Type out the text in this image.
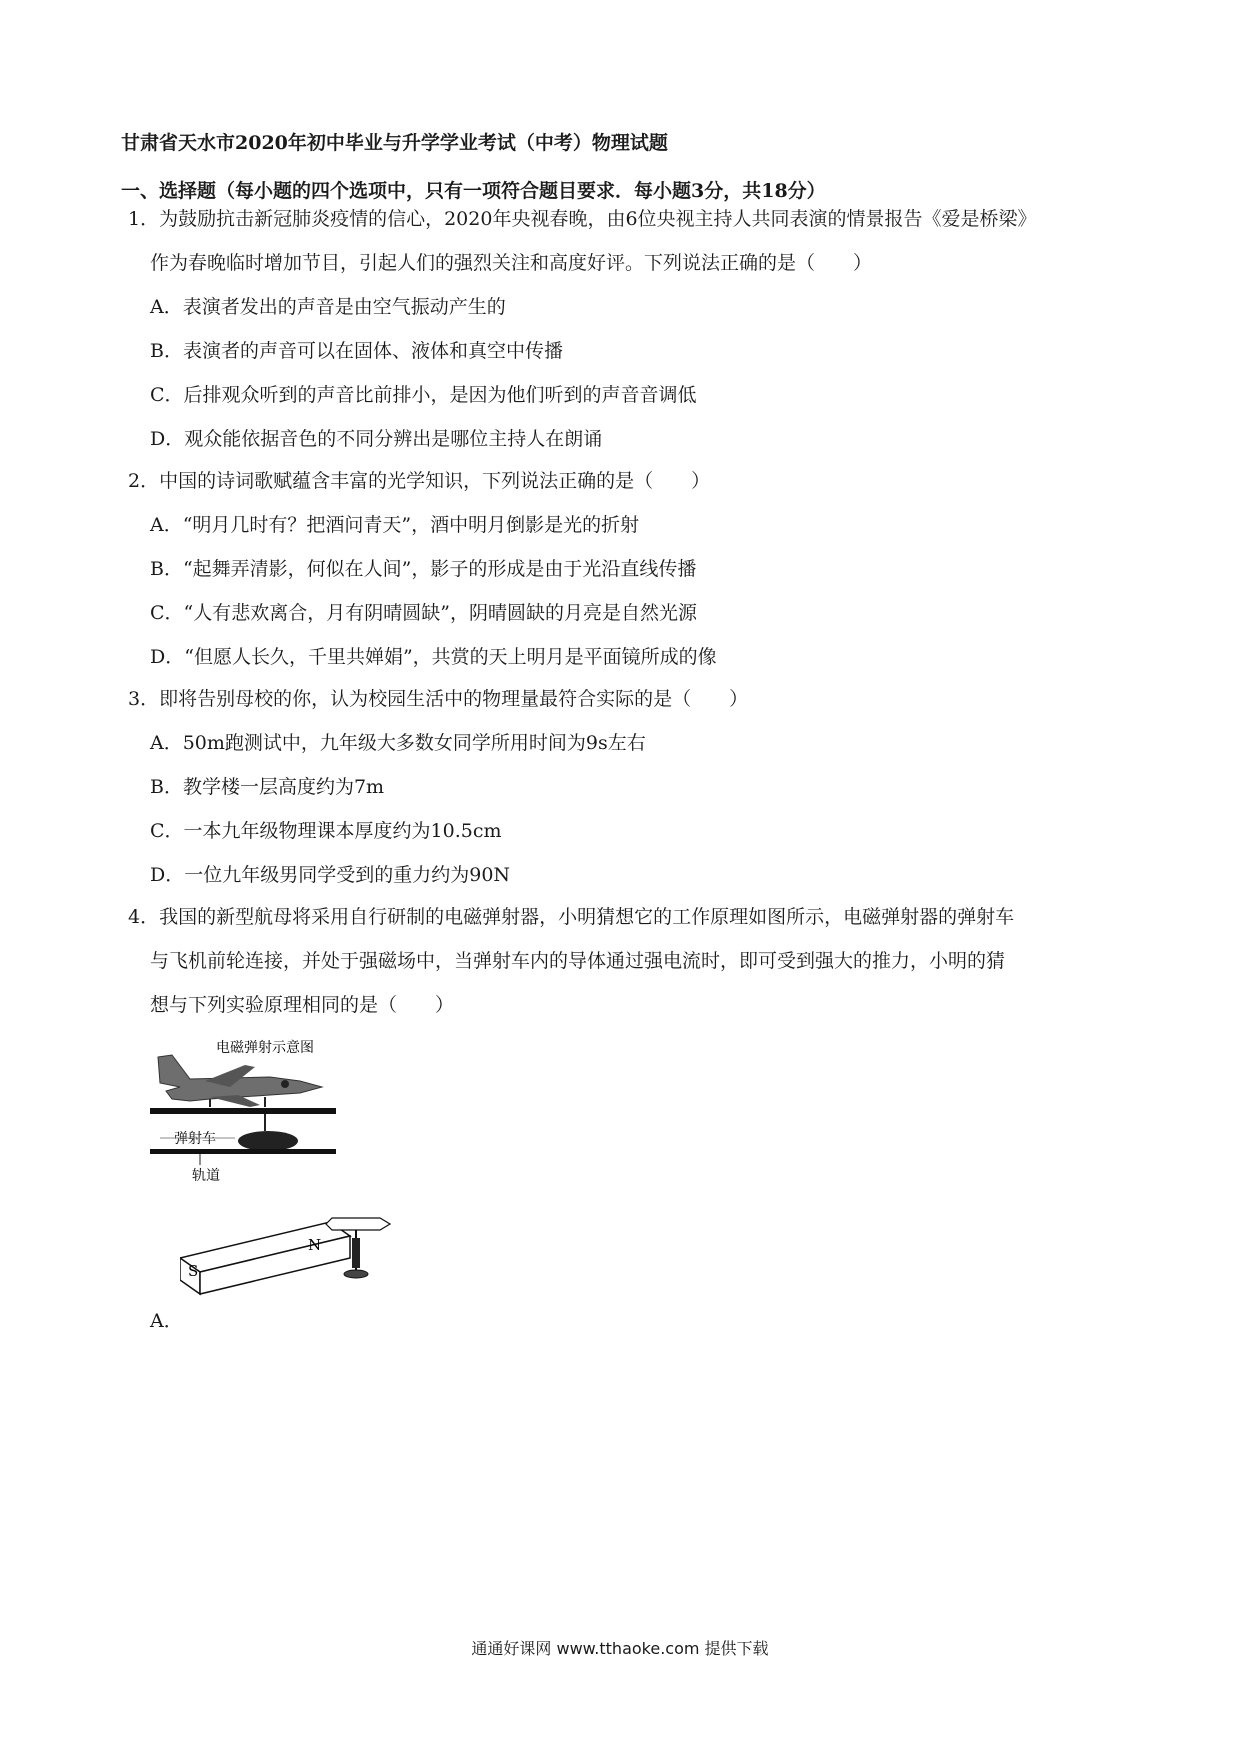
甘肃省天水市2020年初中毕业与升学学业考试（中考）物理试题
一、选择题（每小题的四个选项中，只有一项符合题目要求．每小题3分，共18分）
1．为鼓励抗击新冠肺炎疫情的信心，2020年央视春晚，由6位央视主持人共同表演的情景报告《爱是桥梁》
作为春晚临时增加节目，引起人们的强烈关注和高度好评。下列说法正确的是（　　）
A．表演者发出的声音是由空气振动产生的
B．表演者的声音可以在固体、液体和真空中传播
C．后排观众听到的声音比前排小，是因为他们听到的声音音调低
D．观众能依据音色的不同分辨出是哪位主持人在朗诵
2．中国的诗词歌赋蕴含丰富的光学知识，下列说法正确的是（　　）
A．“明月几时有？把酒问青天”，酒中明月倒影是光的折射
B．“起舞弄清影，何似在人间”，影子的形成是由于光沿直线传播
C．“人有悲欢离合，月有阴晴圆缺”，阴晴圆缺的月亮是自然光源
D．“但愿人长久，千里共婵娟”，共赏的天上明月是平面镜所成的像
3．即将告别母校的你，认为校园生活中的物理量最符合实际的是（　　）
A．50m跑测试中，九年级大多数女同学所用时间为9s左右
B．教学楼一层高度约为7m
C．一本九年级物理课本厚度约为10.5cm
D．一位九年级男同学受到的重力约为90N
4．我国的新型航母将采用自行研制的电磁弹射器，小明猜想它的工作原理如图所示，电磁弹射器的弹射车
与飞机前轮连接，并处于强磁场中，当弹射车内的导体通过强电流时，即可受到强大的推力，小明的猜
想与下列实验原理相同的是（　　）
电磁弹射示意图
弹射车
轨道
S
N
A．
通通好课网 www.tthaoke.com 提供下载
